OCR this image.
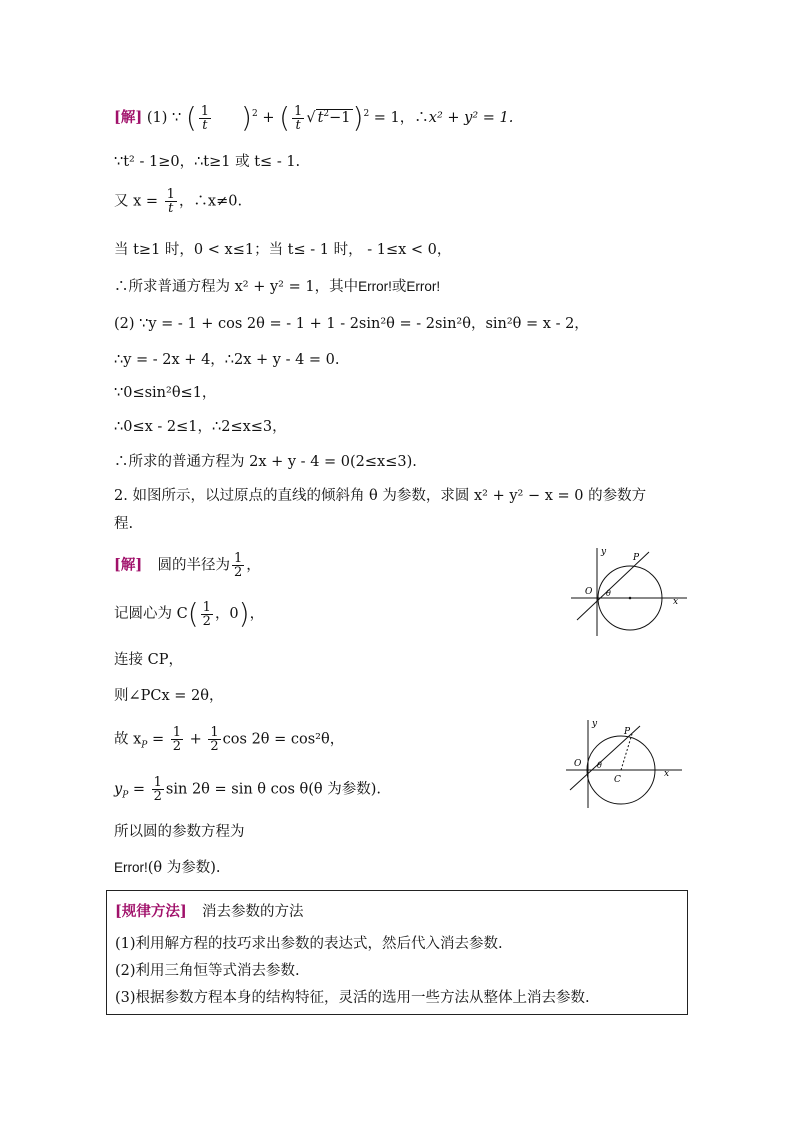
[解] (1) ∵ ( $\frac{1}{t} )^2$ + ( $\frac{1}{t}$ √ $t^2-1)^2 = 1$，∴x² + y² = 1.
∵t² - 1≥0，∴t≥1 或 t≤ - 1.
又 $x = \frac{1}{t}$ ，∴x≠0.
当 t≥1 时，0 < x≤1；当 t≤ - 1 时， - 1≤x < 0，
∴所求普通方程为 x² + y² = 1，其中Error!或Error!
(2) ∵y = - 1 + cos 2θ = - 1 + 1 - 2sin²θ = - 2sin²θ，sin²θ = x - 2，
∴y = - 2x + 4，∴2x + y - 4 = 0.
∵0≤sin²θ≤1，
∴0≤x - 2≤1，∴2≤x≤3，
∴所求的普通方程为 2x + y - 4 = 0(2≤x≤3).
2. 如图所示，以过原点的直线的倾斜角 θ 为参数，求圆 x² + y² − x = 0 的参数方
程.
[解] 圆的半径为 $\frac{1}{2}$ ，
记圆心为 $C( \frac{1}{2}$ ，0)，
连接 CP，
则∠PCx = 2θ，
故 $x_P = \frac{1}{2} + \frac{1}{2}$ cos 2θ = cos²θ，
$y_P = \frac{1}{2}$ sin 2θ = sin θ cos θ(θ 为参数).
所以圆的参数方程为
Error!(θ 为参数).
y
P
O θ
x
y
P
O θ
C
x
[规律方法] 消去参数的方法
(1)利用解方程的技巧求出参数的表达式，然后代入消去参数.
(2)利用三角恒等式消去参数.
(3)根据参数方程本身的结构特征，灵活的选用一些方法从整体上消去参数.
